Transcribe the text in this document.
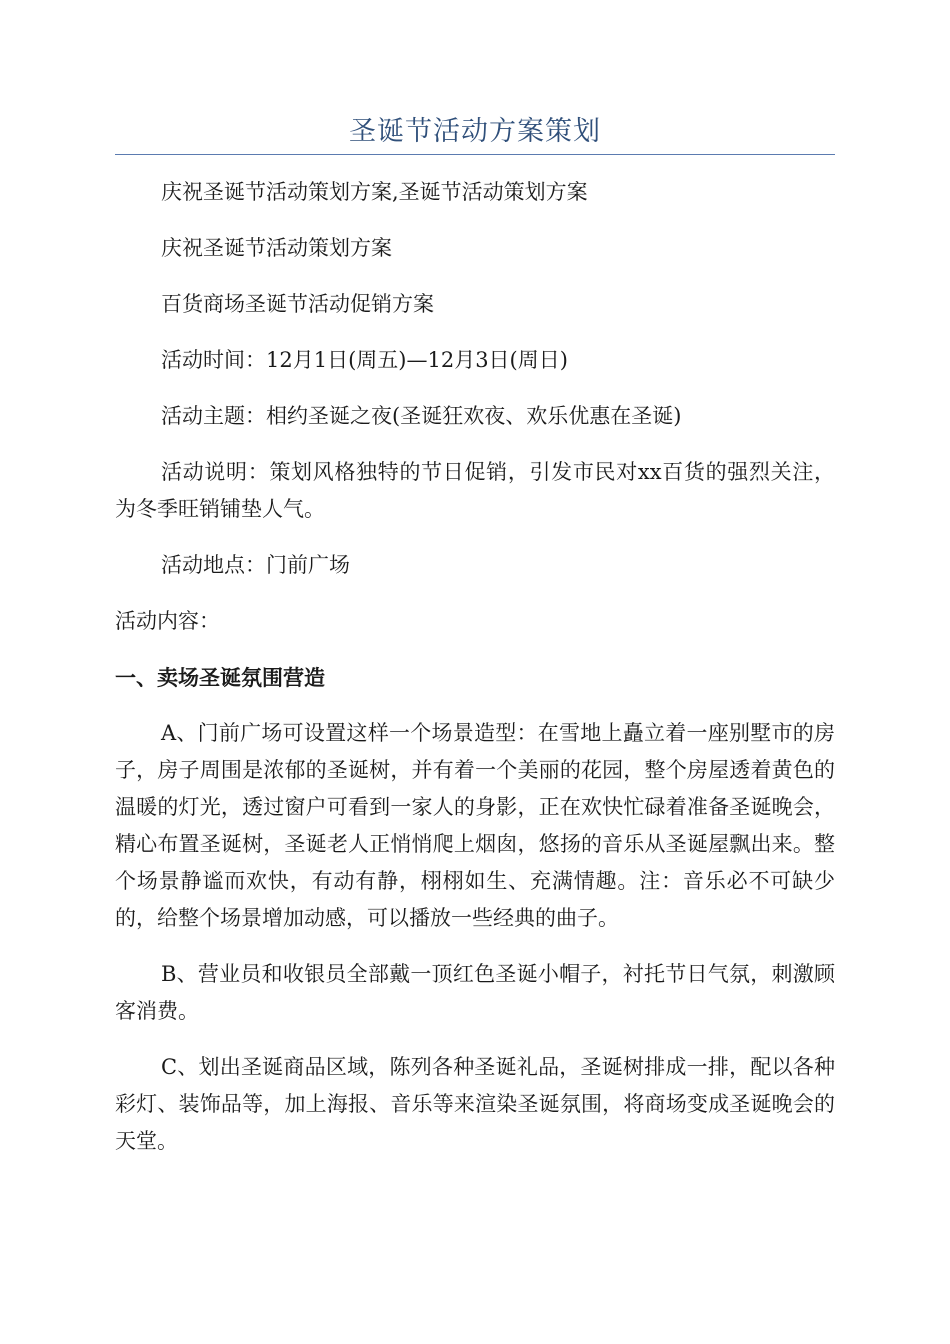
圣诞节活动方案策划

庆祝圣诞节活动策划方案,圣诞节活动策划方案

庆祝圣诞节活动策划方案

百货商场圣诞节活动促销方案

活动时间：12月1日(周五)—12月3日(周日)

活动主题：相约圣诞之夜(圣诞狂欢夜、欢乐优惠在圣诞)

活动说明：策划风格独特的节日促销，引发市民对xx百货的强烈关注，为冬季旺销铺垫人气。

活动地点：门前广场

活动内容：

一、卖场圣诞氛围营造

A、门前广场可设置这样一个场景造型：在雪地上矗立着一座别墅市的房子，房子周围是浓郁的圣诞树，并有着一个美丽的花园，整个房屋透着黄色的温暖的灯光，透过窗户可看到一家人的身影，正在欢快忙碌着准备圣诞晚会，精心布置圣诞树，圣诞老人正悄悄爬上烟囱，悠扬的音乐从圣诞屋飘出来。整个场景静谧而欢快，有动有静，栩栩如生、充满情趣。注：音乐必不可缺少的，给整个场景增加动感，可以播放一些经典的曲子。

B、营业员和收银员全部戴一顶红色圣诞小帽子，衬托节日气氛，刺激顾客消费。

C、划出圣诞商品区域，陈列各种圣诞礼品，圣诞树排成一排，配以各种彩灯、装饰品等，加上海报、音乐等来渲染圣诞氛围，将商场变成圣诞晚会的天堂。
